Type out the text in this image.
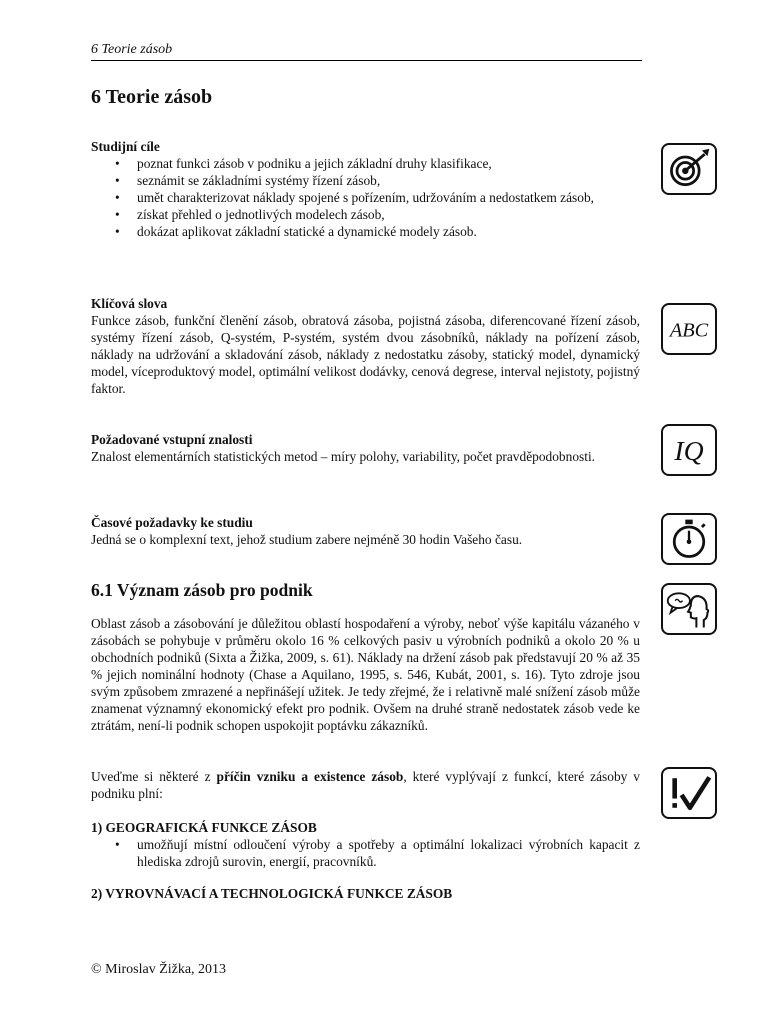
6 Teorie zásob
6 Teorie zásob
Studijní cíle
• poznat funkci zásob v podniku a jejich základní druhy klasifikace,
• seznámit se základními systémy řízení zásob,
• umět charakterizovat náklady spojené s pořízením, udržováním a nedostatkem zásob,
• získat přehled o jednotlivých modelech zásob,
• dokázat aplikovat základní statické a dynamické modely zásob.
Klíčová slova

Funkce zásob, funkční členění zásob, obratová zásoba, pojistná zásoba, diferencované řízení zásob, systémy řízení zásob, Q-systém, P-systém, systém dvou zásobníků, náklady na pořízení zásob, náklady na udržování a skladování zásob, náklady z nedostatku zásoby, statický model, dynamický model, víceproduktový model, optimální velikost dodávky, cenová degrese, interval nejistoty, pojistný faktor.

ABC
Požadované vstupní znalosti

Znalost elementárních statistických metod – míry polohy, variability, počet pravděpodobnosti.	IQ
Časové požadavky ke studiu

Jedná se o komplexní text, jehož studium zabere nejméně 30 hodin Vašeho času.

6.1 Význam zásob pro podnik

Oblast zásob a zásobování je důležitou oblastí hospodaření a výroby, neboť výše kapitálu vázaného v zásobách se pohybuje v průměru okolo 16 % celkových pasiv u výrobních podniků a okolo 20 % u obchodních podniků (Sixta a Žižka, 2009, s. 61). Náklady na držení zásob pak představují 20 % až 35 % jejich nominální hodnoty (Chase a Aquilano, 1995, s. 546, Kubát, 2001, s. 16). Tyto zdroje jsou svým způsobem zmrazené a nepřinášejí užitek. Je tedy zřejmé, že i relativně malé snížení zásob může znamenat významný ekonomický efekt pro podnik. Ovšem na druhé straně nedostatek zásob vede ke ztrátám, není-li podnik schopen uspokojit poptávku zákazníků.

Uveďme si některé z příčin vzniku a existence zásob, které vyplývají z funkcí, které zásoby v podniku plní:

1) GEOGRAFICKÁ FUNKCE ZÁSOB
• umožňují místní odloučení výroby a spotřeby a optimální lokalizaci výrobních kapacit z hlediska zdrojů surovin, energií, pracovníků.
2) VYROVNÁVACÍ A TECHNOLOGICKÁ FUNKCE ZÁSOB
© Miroslav Žižka, 2013
